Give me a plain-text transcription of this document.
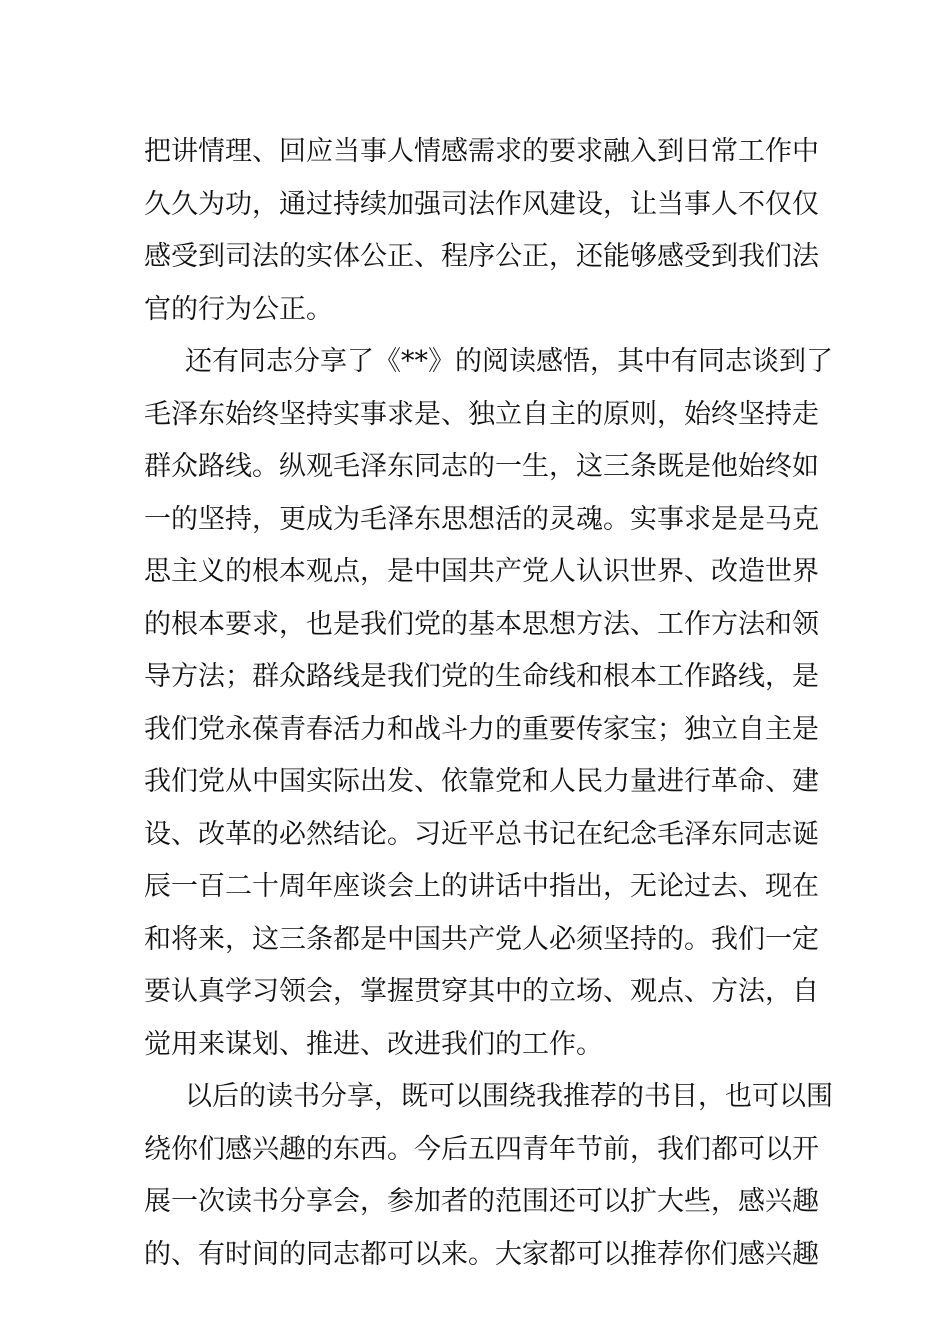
把讲情理、回应当事人情感需求的要求融入到日常工作中
久久为功，通过持续加强司法作风建设，让当事人不仅仅
感受到司法的实体公正、程序公正，还能够感受到我们法
官的行为公正。
还有同志分享了《**》的阅读感悟，其中有同志谈到了
毛泽东始终坚持实事求是、独立自主的原则，始终坚持走
群众路线。纵观毛泽东同志的一生，这三条既是他始终如
一的坚持，更成为毛泽东思想活的灵魂。实事求是是马克
思主义的根本观点，是中国共产党人认识世界、改造世界
的根本要求，也是我们党的基本思想方法、工作方法和领
导方法；群众路线是我们党的生命线和根本工作路线，是
我们党永葆青春活力和战斗力的重要传家宝；独立自主是
我们党从中国实际出发、依靠党和人民力量进行革命、建
设、改革的必然结论。习近平总书记在纪念毛泽东同志诞
辰一百二十周年座谈会上的讲话中指出，无论过去、现在
和将来，这三条都是中国共产党人必须坚持的。我们一定
要认真学习领会，掌握贯穿其中的立场、观点、方法，自
觉用来谋划、推进、改进我们的工作。
以后的读书分享，既可以围绕我推荐的书目，也可以围
绕你们感兴趣的东西。今后五四青年节前，我们都可以开
展一次读书分享会，参加者的范围还可以扩大些，感兴趣
的、有时间的同志都可以来。大家都可以推荐你们感兴趣
